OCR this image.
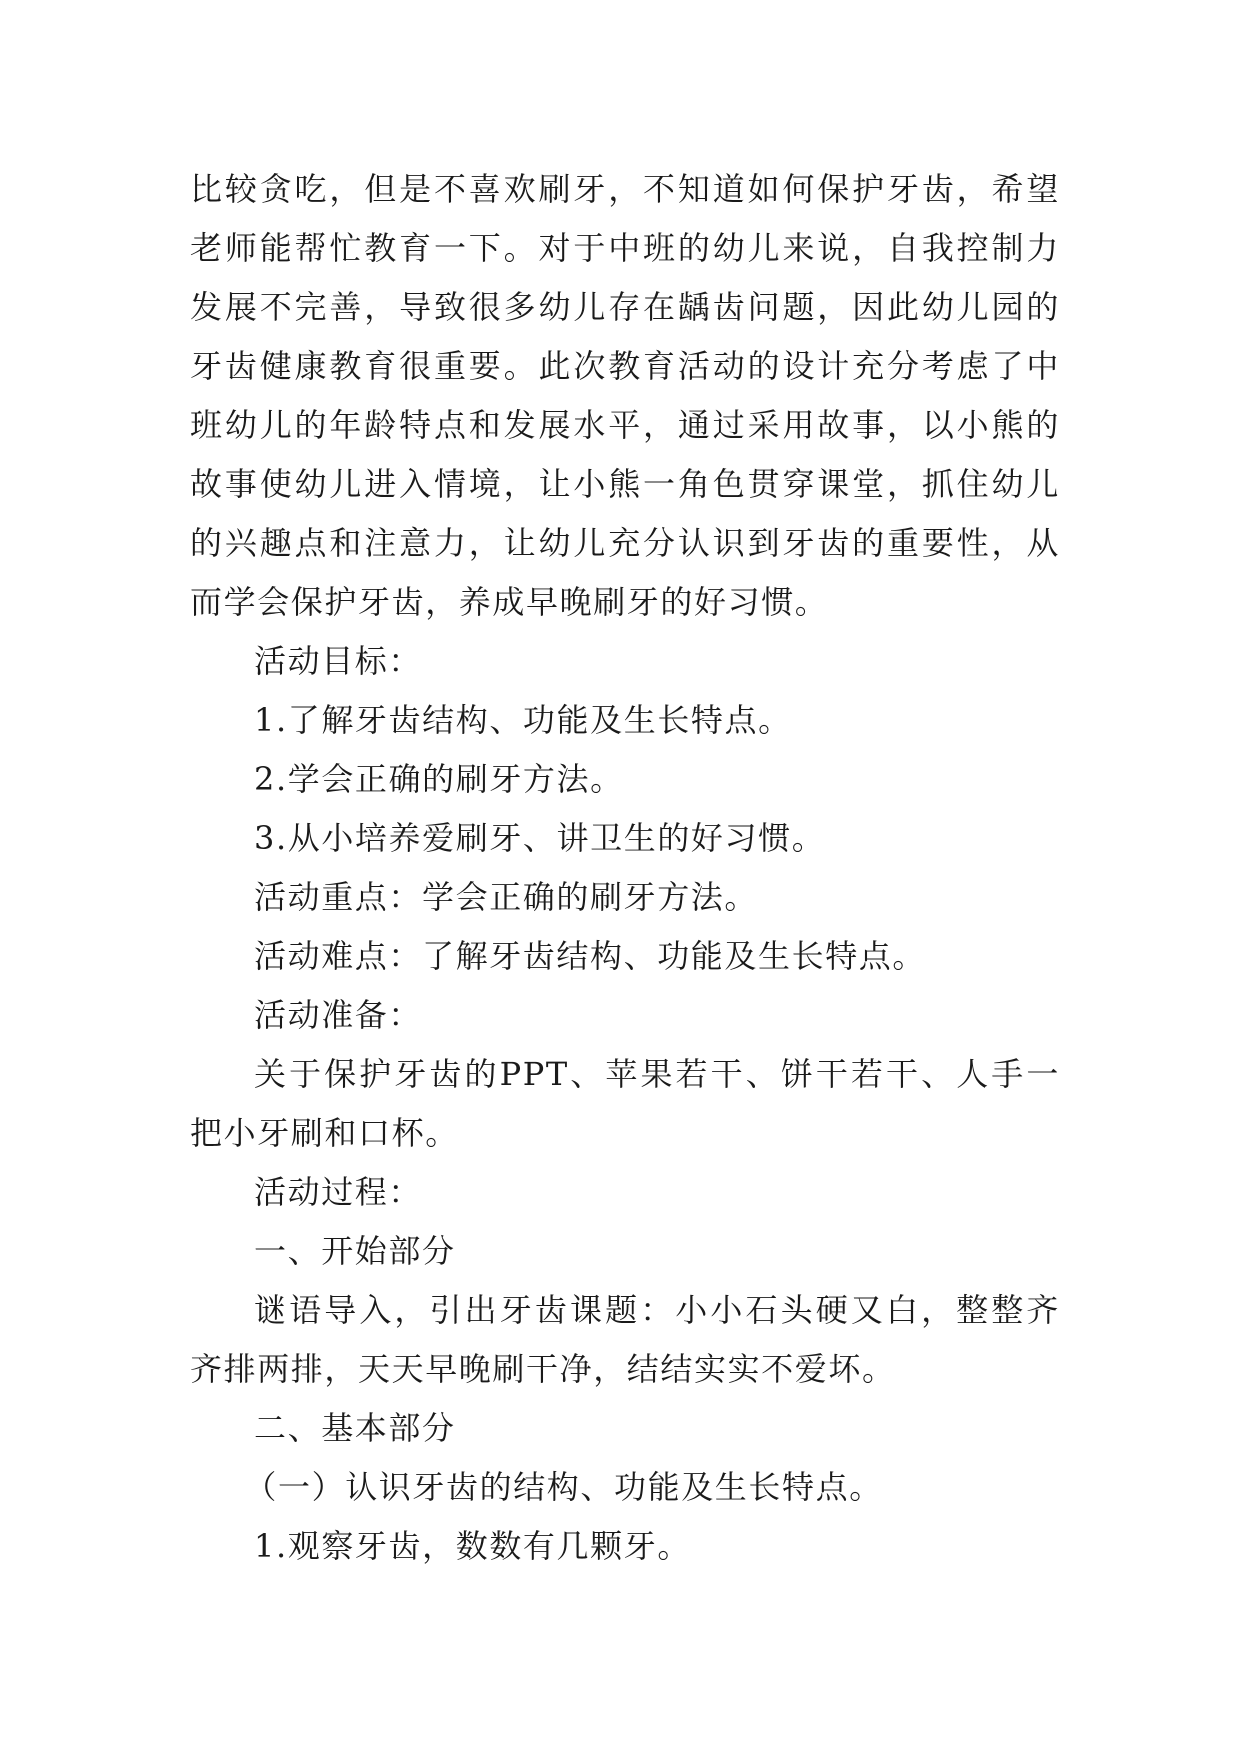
比较贪吃，但是不喜欢刷牙，不知道如何保护牙齿，希望老师能帮忙教育一下。对于中班的幼儿来说，自我控制力发展不完善，导致很多幼儿存在龋齿问题，因此幼儿园的牙齿健康教育很重要。此次教育活动的设计充分考虑了中班幼儿的年龄特点和发展水平，通过采用故事，以小熊的故事使幼儿进入情境，让小熊一角色贯穿课堂，抓住幼儿的兴趣点和注意力，让幼儿充分认识到牙齿的重要性，从而学会保护牙齿，养成早晚刷牙的好习惯。

活动目标：

1.了解牙齿结构、功能及生长特点。

2.学会正确的刷牙方法。

3.从小培养爱刷牙、讲卫生的好习惯。

活动重点：学会正确的刷牙方法。

活动难点：了解牙齿结构、功能及生长特点。

活动准备：

关于保护牙齿的PPT、苹果若干、饼干若干、人手一把小牙刷和口杯。

活动过程：

一、开始部分

谜语导入，引出牙齿课题：小小石头硬又白，整整齐齐排两排，天天早晚刷干净，结结实实不爱坏。

二、基本部分

（一）认识牙齿的结构、功能及生长特点。

1.观察牙齿，数数有几颗牙。
